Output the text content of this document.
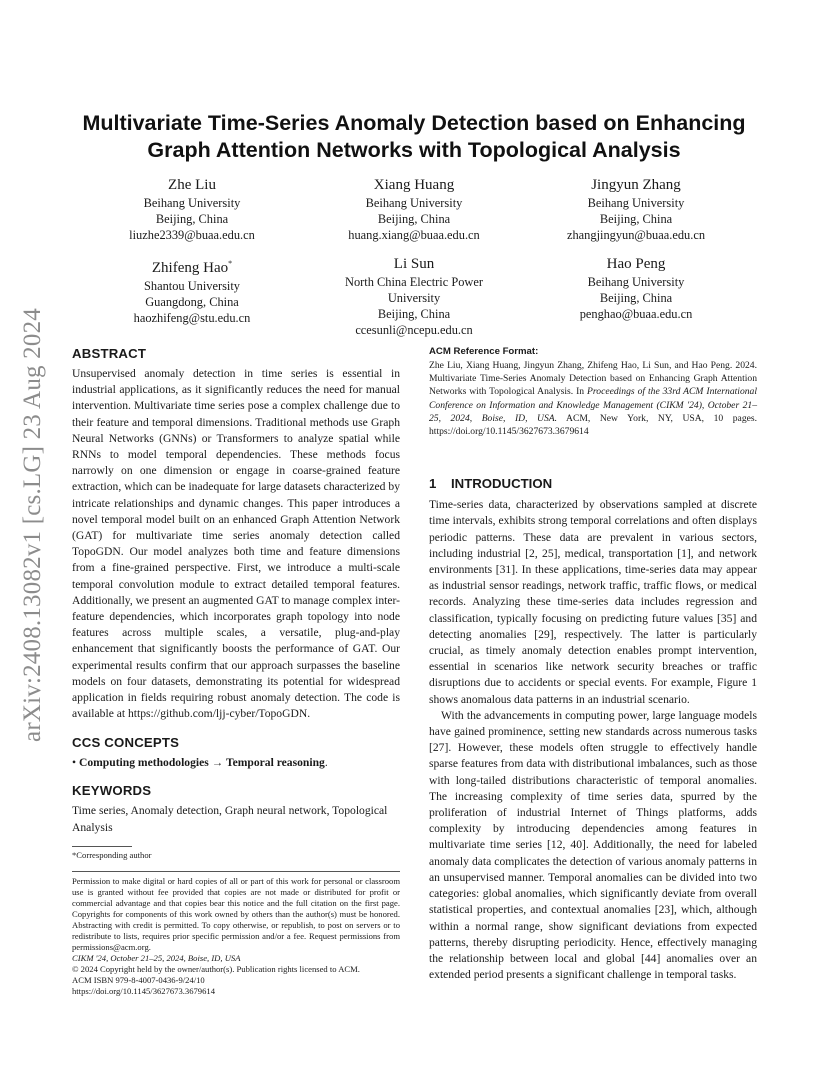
arXiv:2408.13082v1 [cs.LG] 23 Aug 2024
Multivariate Time-Series Anomaly Detection based on Enhancing Graph Attention Networks with Topological Analysis
Zhe Liu
Beihang University
Beijing, China
liuzhe2339@buaa.edu.cn
Xiang Huang
Beihang University
Beijing, China
huang.xiang@buaa.edu.cn
Jingyun Zhang
Beihang University
Beijing, China
zhangjingyun@buaa.edu.cn
Zhifeng Hao*
Shantou University
Guangdong, China
haozhifeng@stu.edu.cn
Li Sun
North China Electric Power
University
Beijing, China
ccesunli@ncepu.edu.cn
Hao Peng
Beihang University
Beijing, China
penghao@buaa.edu.cn
ABSTRACT

Unsupervised anomaly detection in time series is essential in industrial applications, as it significantly reduces the need for manual intervention. Multivariate time series pose a complex challenge due to their feature and temporal dimensions. Traditional methods use Graph Neural Networks (GNNs) or Transformers to analyze spatial while RNNs to model temporal dependencies. These methods focus narrowly on one dimension or engage in coarse-grained feature extraction, which can be inadequate for large datasets characterized by intricate relationships and dynamic changes. This paper introduces a novel temporal model built on an enhanced Graph Attention Network (GAT) for multivariate time series anomaly detection called TopoGDN. Our model analyzes both time and feature dimensions from a fine-grained perspective. First, we introduce a multi-scale temporal convolution module to extract detailed temporal features. Additionally, we present an augmented GAT to manage complex inter-feature dependencies, which incorporates graph topology into node features across multiple scales, a versatile, plug-and-play enhancement that significantly boosts the performance of GAT. Our experimental results confirm that our approach surpasses the baseline models on four datasets, demonstrating its potential for widespread application in fields requiring robust anomaly detection. The code is available at https://github.com/ljj-cyber/TopoGDN.

CCS CONCEPTS

• Computing methodologies → Temporal reasoning.

KEYWORDS

Time series, Anomaly detection, Graph neural network, Topological Analysis

*Corresponding author

Permission to make digital or hard copies of all or part of this work for personal or classroom use is granted without fee provided that copies are not made or distributed for profit or commercial advantage and that copies bear this notice and the full citation on the first page. Copyrights for components of this work owned by others than the author(s) must be honored. Abstracting with credit is permitted. To copy otherwise, or republish, to post on servers or to redistribute to lists, requires prior specific permission and/or a fee. Request permissions from permissions@acm.org.

CIKM '24, October 21–25, 2024, Boise, ID, USA

© 2024 Copyright held by the owner/author(s). Publication rights licensed to ACM.

ACM ISBN 979-8-4007-0436-9/24/10

https://doi.org/10.1145/3627673.3679614

ACM Reference Format:

Zhe Liu, Xiang Huang, Jingyun Zhang, Zhifeng Hao, Li Sun, and Hao Peng. 2024. Multivariate Time-Series Anomaly Detection based on Enhancing Graph Attention Networks with Topological Analysis. In Proceedings of the 33rd ACM International Conference on Information and Knowledge Management (CIKM '24), October 21–25, 2024, Boise, ID, USA. ACM, New York, NY, USA, 10 pages. https://doi.org/10.1145/3627673.3679614

1 INTRODUCTION

Time-series data, characterized by observations sampled at discrete time intervals, exhibits strong temporal correlations and often displays periodic patterns. These data are prevalent in various sectors, including industrial [2, 25], medical, transportation [1], and network environments [31]. In these applications, time-series data may appear as industrial sensor readings, network traffic, traffic flows, or medical records. Analyzing these time-series data includes regression and classification, typically focusing on predicting future values [35] and detecting anomalies [29], respectively. The latter is particularly crucial, as timely anomaly detection enables prompt intervention, essential in scenarios like network security breaches or traffic disruptions due to accidents or special events. For example, Figure 1 shows anomalous data patterns in an industrial scenario.

With the advancements in computing power, large language models have gained prominence, setting new standards across numerous tasks [27]. However, these models often struggle to effectively handle sparse features from data with distributional imbalances, such as those with long-tailed distributions characteristic of temporal anomalies. The increasing complexity of time series data, spurred by the proliferation of industrial Internet of Things platforms, adds complexity by introducing dependencies among features in multivariate time series [12, 40]. Additionally, the need for labeled anomaly data complicates the detection of various anomaly patterns in an unsupervised manner. Temporal anomalies can be divided into two categories: global anomalies, which significantly deviate from overall statistical properties, and contextual anomalies [23], which, although within a normal range, show significant deviations from expected patterns, thereby disrupting periodicity. Hence, effectively managing the relationship between local and global [44] anomalies over an extended period presents a significant challenge in temporal tasks.
